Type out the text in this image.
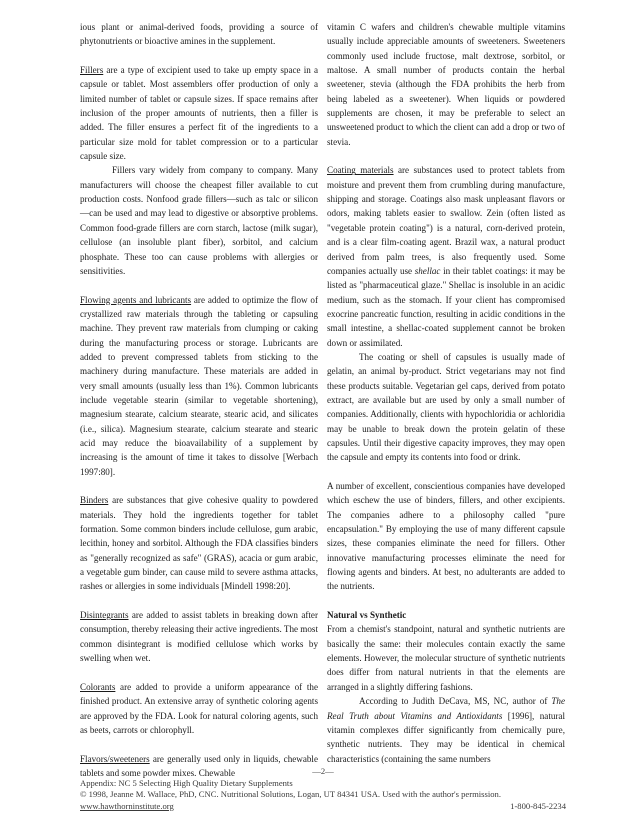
ious plant or animal-derived foods, providing a source of phytonutrients or bioactive amines in the supplement.

Fillers are a type of excipient used to take up empty space in a capsule or tablet. Most assemblers offer production of only a limited number of tablet or capsule sizes. If space remains after inclusion of the proper amounts of nutrients, then a filler is added. The filler ensures a perfect fit of the ingredients to a particular size mold for tablet compression or to a particular capsule size.

Fillers vary widely from company to company. Many manufacturers will choose the cheapest filler available to cut production costs. Nonfood grade fillers—such as talc or silicon—can be used and may lead to digestive or absorptive problems. Common food-grade fillers are corn starch, lactose (milk sugar), cellulose (an insoluble plant fiber), sorbitol, and calcium phosphate. These too can cause problems with allergies or sensitivities.

Flowing agents and lubricants are added to optimize the flow of crystallized raw materials through the tableting or capsuling machine. They prevent raw materials from clumping or caking during the manufacturing process or storage. Lubricants are added to prevent compressed tablets from sticking to the machinery during manufacture. These materials are added in very small amounts (usually less than 1%). Common lubricants include vegetable stearin (similar to vegetable shortening), magnesium stearate, calcium stearate, stearic acid, and silicates (i.e., silica). Magnesium stearate, calcium stearate and stearic acid may reduce the bioavailability of a supplement by increasing is the amount of time it takes to dissolve [Werbach 1997:80].

Binders are substances that give cohesive quality to powdered materials. They hold the ingredients together for tablet formation. Some common binders include cellulose, gum arabic, lecithin, honey and sorbitol. Although the FDA classifies binders as "generally recognized as safe" (GRAS), acacia or gum arabic, a vegetable gum binder, can cause mild to severe asthma attacks, rashes or allergies in some individuals [Mindell 1998:20].

Disintegrants are added to assist tablets in breaking down after consumption, thereby releasing their active ingredients. The most common disintegrant is modified cellulose which works by swelling when wet.

Colorants are added to provide a uniform appearance of the finished product. An extensive array of synthetic coloring agents are approved by the FDA. Look for natural coloring agents, such as beets, carrots or chlorophyll.

Flavors/sweeteners are generally used only in liquids, chewable tablets and some powder mixes. Chewable

vitamin C wafers and children's chewable multiple vitamins usually include appreciable amounts of sweeteners. Sweeteners commonly used include fructose, malt dextrose, sorbitol, or maltose. A small number of products contain the herbal sweetener, stevia (although the FDA prohibits the herb from being labeled as a sweetener). When liquids or powdered supplements are chosen, it may be preferable to select an unsweetened product to which the client can add a drop or two of stevia.

Coating materials are substances used to protect tablets from moisture and prevent them from crumbling during manufacture, shipping and storage. Coatings also mask unpleasant flavors or odors, making tablets easier to swallow. Zein (often listed as "vegetable protein coating") is a natural, corn-derived protein, and is a clear film-coating agent. Brazil wax, a natural product derived from palm trees, is also frequently used. Some companies actually use shellac in their tablet coatings: it may be listed as "pharmaceutical glaze." Shellac is insoluble in an acidic medium, such as the stomach. If your client has compromised exocrine pancreatic function, resulting in acidic conditions in the small intestine, a shellac-coated supplement cannot be broken down or assimilated.

The coating or shell of capsules is usually made of gelatin, an animal by-product. Strict vegetarians may not find these products suitable. Vegetarian gel caps, derived from potato extract, are available but are used by only a small number of companies. Additionally, clients with hypochloridia or achloridia may be unable to break down the protein gelatin of these capsules. Until their digestive capacity improves, they may open the capsule and empty its contents into food or drink.

A number of excellent, conscientious companies have developed which eschew the use of binders, fillers, and other excipients. The companies adhere to a philosophy called "pure encapsulation." By employing the use of many different capsule sizes, these companies eliminate the need for fillers. Other innovative manufacturing processes eliminate the need for flowing agents and binders. At best, no adulterants are added to the nutrients.

Natural vs Synthetic

From a chemist's standpoint, natural and synthetic nutrients are basically the same: their molecules contain exactly the same elements. However, the molecular structure of synthetic nutrients does differ from natural nutrients in that the elements are arranged in a slightly differing fashions.

According to Judith DeCava, MS, NC, author of The Real Truth about Vitamins and Antioxidants [1996], natural vitamin complexes differ significantly from chemically pure, synthetic nutrients. They may be identical in chemical characteristics (containing the same numbers

—2—
Appendix: NC 5 Selecting High Quality Dietary Supplements
© 1998, Jeanne M. Wallace, PhD, CNC. Nutritional Solutions, Logan, UT 84341 USA. Used with the author's permission.
www.hawthorninstitute.org	1-800-845-2234
